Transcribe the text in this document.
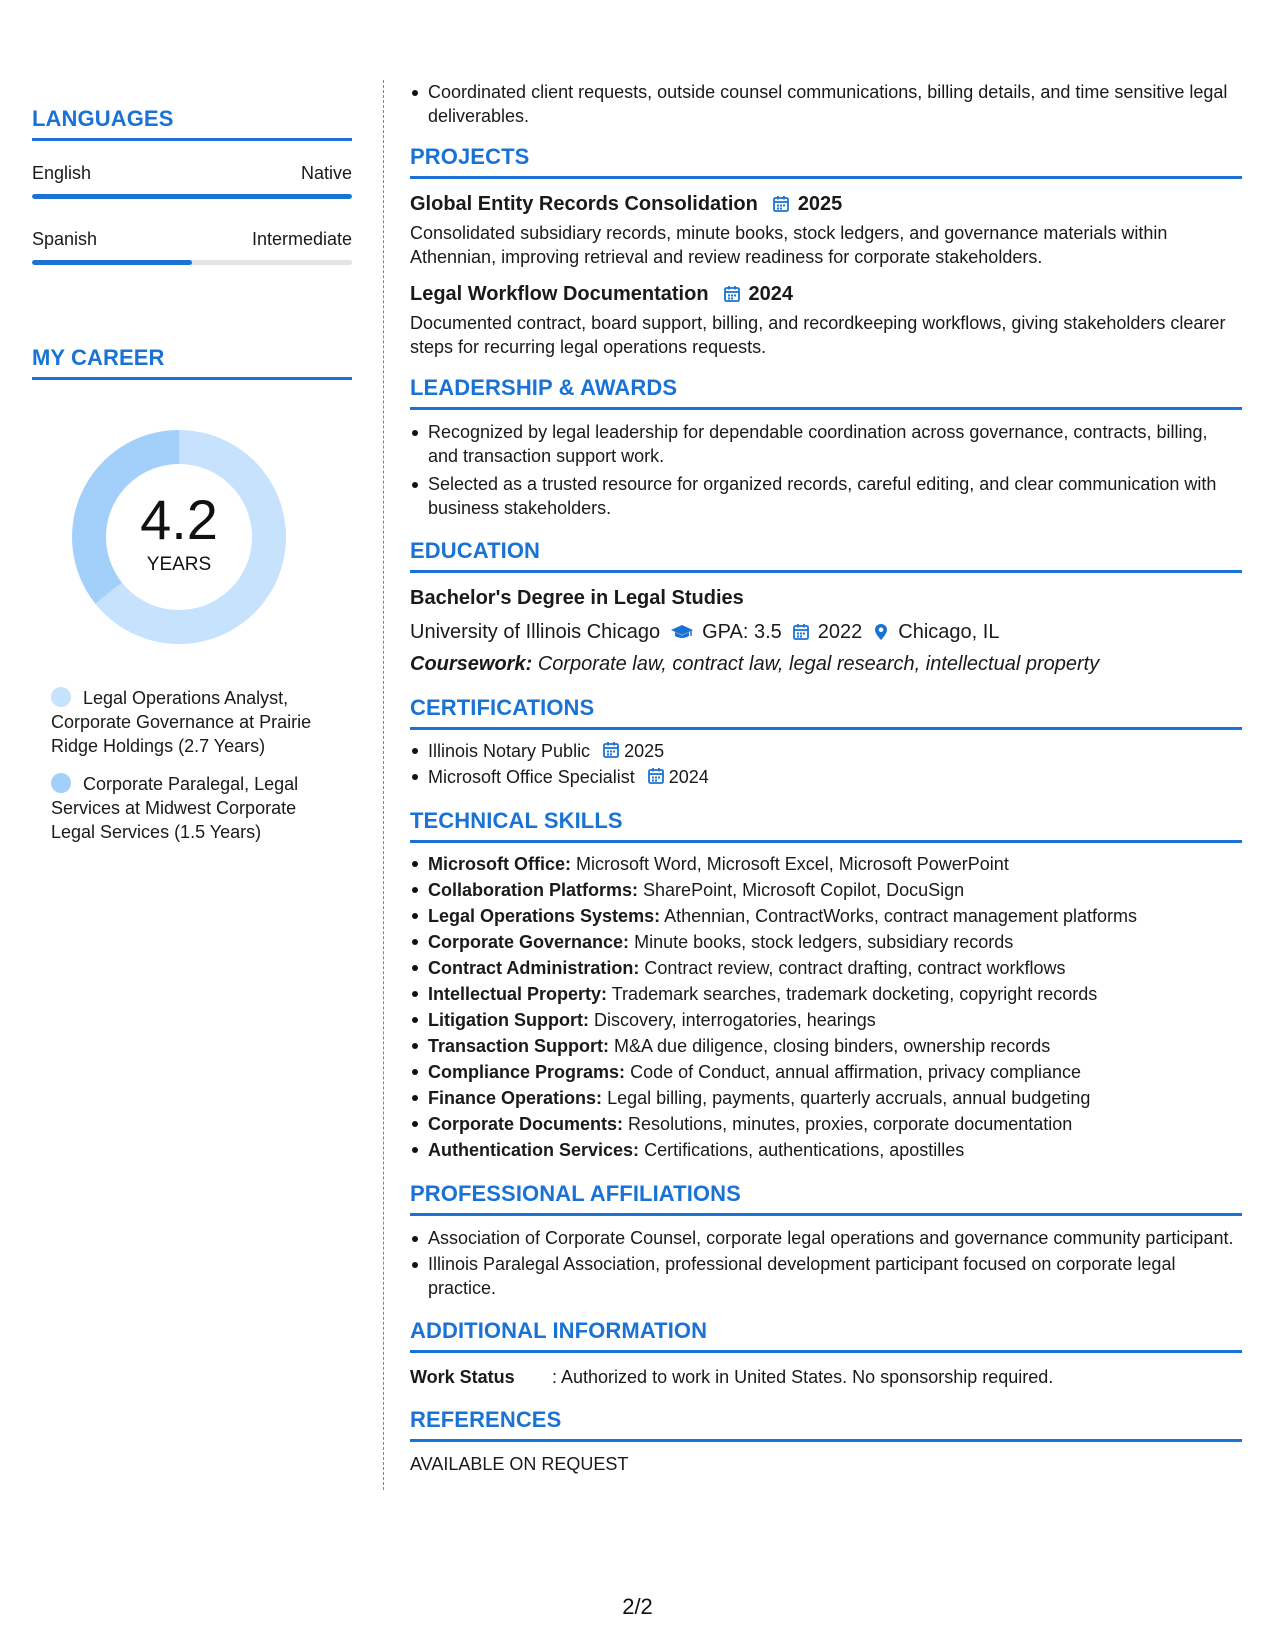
LANGUAGES
English	Native
Spanish	Intermediate
MY CAREER
4.2
YEARS
Legal Operations Analyst, Corporate Governance at Prairie Ridge Holdings (2.7 Years)
Corporate Paralegal, Legal Services at Midwest Corporate Legal Services (1.5 Years)
Coordinated client requests, outside counsel communications, billing details, and time sensitive legal deliverables.
PROJECTS
Global Entity Records Consolidation 2025
Consolidated subsidiary records, minute books, stock ledgers, and governance materials within Athennian, improving retrieval and review readiness for corporate stakeholders.
Legal Workflow Documentation 2024
Documented contract, board support, billing, and recordkeeping workflows, giving stakeholders clearer steps for recurring legal operations requests.
LEADERSHIP & AWARDS
Recognized by legal leadership for dependable coordination across governance, contracts, billing, and transaction support work.
Selected as a trusted resource for organized records, careful editing, and clear communication with business stakeholders.
EDUCATION
Bachelor's Degree in Legal Studies
University of Illinois Chicago GPA: 3.5 2022 Chicago, IL
Coursework: Corporate law, contract law, legal research, intellectual property
CERTIFICATIONS
Illinois Notary Public 2025
Microsoft Office Specialist 2024
TECHNICAL SKILLS
Microsoft Office: Microsoft Word, Microsoft Excel, Microsoft PowerPoint
Collaboration Platforms: SharePoint, Microsoft Copilot, DocuSign
Legal Operations Systems: Athennian, ContractWorks, contract management platforms
Corporate Governance: Minute books, stock ledgers, subsidiary records
Contract Administration: Contract review, contract drafting, contract workflows
Intellectual Property: Trademark searches, trademark docketing, copyright records
Litigation Support: Discovery, interrogatories, hearings
Transaction Support: M&A due diligence, closing binders, ownership records
Compliance Programs: Code of Conduct, annual affirmation, privacy compliance
Finance Operations: Legal billing, payments, quarterly accruals, annual budgeting
Corporate Documents: Resolutions, minutes, proxies, corporate documentation
Authentication Services: Certifications, authentications, apostilles
PROFESSIONAL AFFILIATIONS
Association of Corporate Counsel, corporate legal operations and governance community participant.
Illinois Paralegal Association, professional development participant focused on corporate legal practice.
ADDITIONAL INFORMATION
Work Status	: Authorized to work in United States. No sponsorship required.
REFERENCES
AVAILABLE ON REQUEST
2/2
